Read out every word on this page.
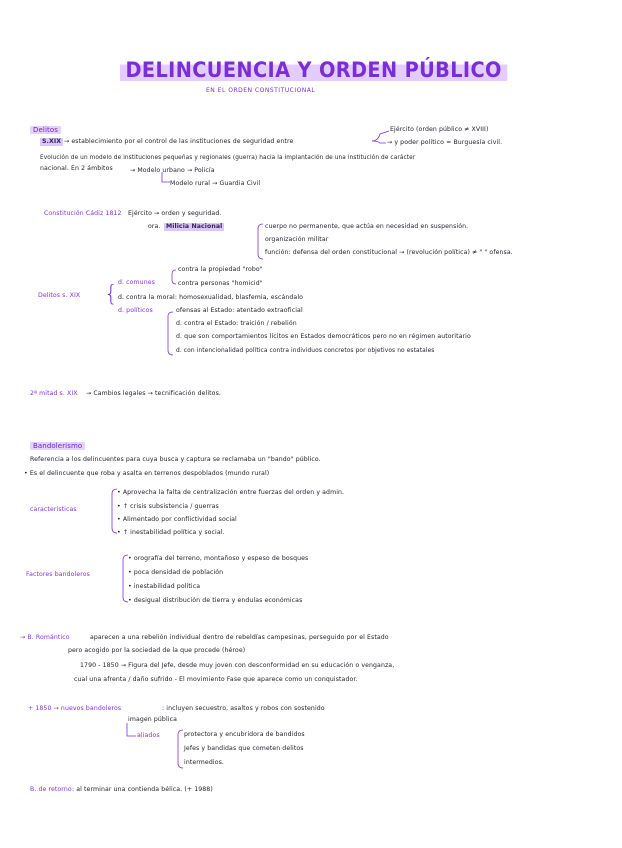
DELINCUENCIA Y ORDEN PÚBLICO
EN EL ORDEN CONSTITUCIONAL
{
Delitos
S.XIX → establecimiento por el control de las instituciones de seguridad entre
Ejército (orden público ≠ XVIII)
→ y poder político = Burguesía civil.
Evolución de un modelo de instituciones pequeñas y regionales (guerra) hacia la implantación de una institución de carácter
nacional. En 2 ámbitos	→ Modelo urbano → Policía
Modelo rural → Guardia Civil
Constitución Cádiz 1812 Ejército → orden y seguridad.
ora. Milicia Nacional	cuerpo no permanente, que actúa en necesidad en suspensión.
organización militar
función: defensa del orden constitucional → (revolución política) ≠ " " ofensa.
Delitos s. XIX
d. comunes
contra la propiedad "robo"
contra personas "homicid"
d. contra la moral: homosexualidad, blasfemia, escándalo
d. políticos	ofensas al Estado: atentado extraoficial
d. contra el Estado: traición / rebelión
d. que son comportamientos lícitos en Estados democráticos pero no en régimen autoritario
d. con intencionalidad política contra individuos concretos por objetivos no estatales
2ª mitad s. XIX → Cambios legales → tecnificación delitos.
Bandolerismo
Referencia a los delincuentes para cuya busca y captura se reclamaba un "bando" público.
• Es el delincuente que roba y asalta en terrenos despoblados (mundo rural)
características
• Aprovecha la falta de centralización entre fuerzas del orden y admin.
• ↑ crisis subsistencia / guerras
• Alimentado por conflictividad social
• ↑ inestabilidad política y social.
Factores bandoleros
• orografía del terreno, montañoso y espeso de bosques
• poca densidad de población
• inestabilidad política
• desigual distribución de tierra y endulas económicas
→ B. Romántico	aparecen a una rebelión individual dentro de rebeldías campesinas, perseguido por el Estado
pero acogido por la sociedad de la que procede (héroe)
1790 - 1850 → Figura del Jefe, desde muy joven con desconformidad en su educación o venganza,
cual una afrenta / daño sufrido - El movimiento Fase que aparece como un conquistador.
+ 1850 → nuevos bandoleros	: incluyen secuestro, asaltos y robos con sostenido
imagen pública
aliados	protectora y encubridora de bandidos
Jefes y bandidas que cometen delitos
intermedios.
B. de retorno : al terminar una contienda bélica. (+ 1988)
